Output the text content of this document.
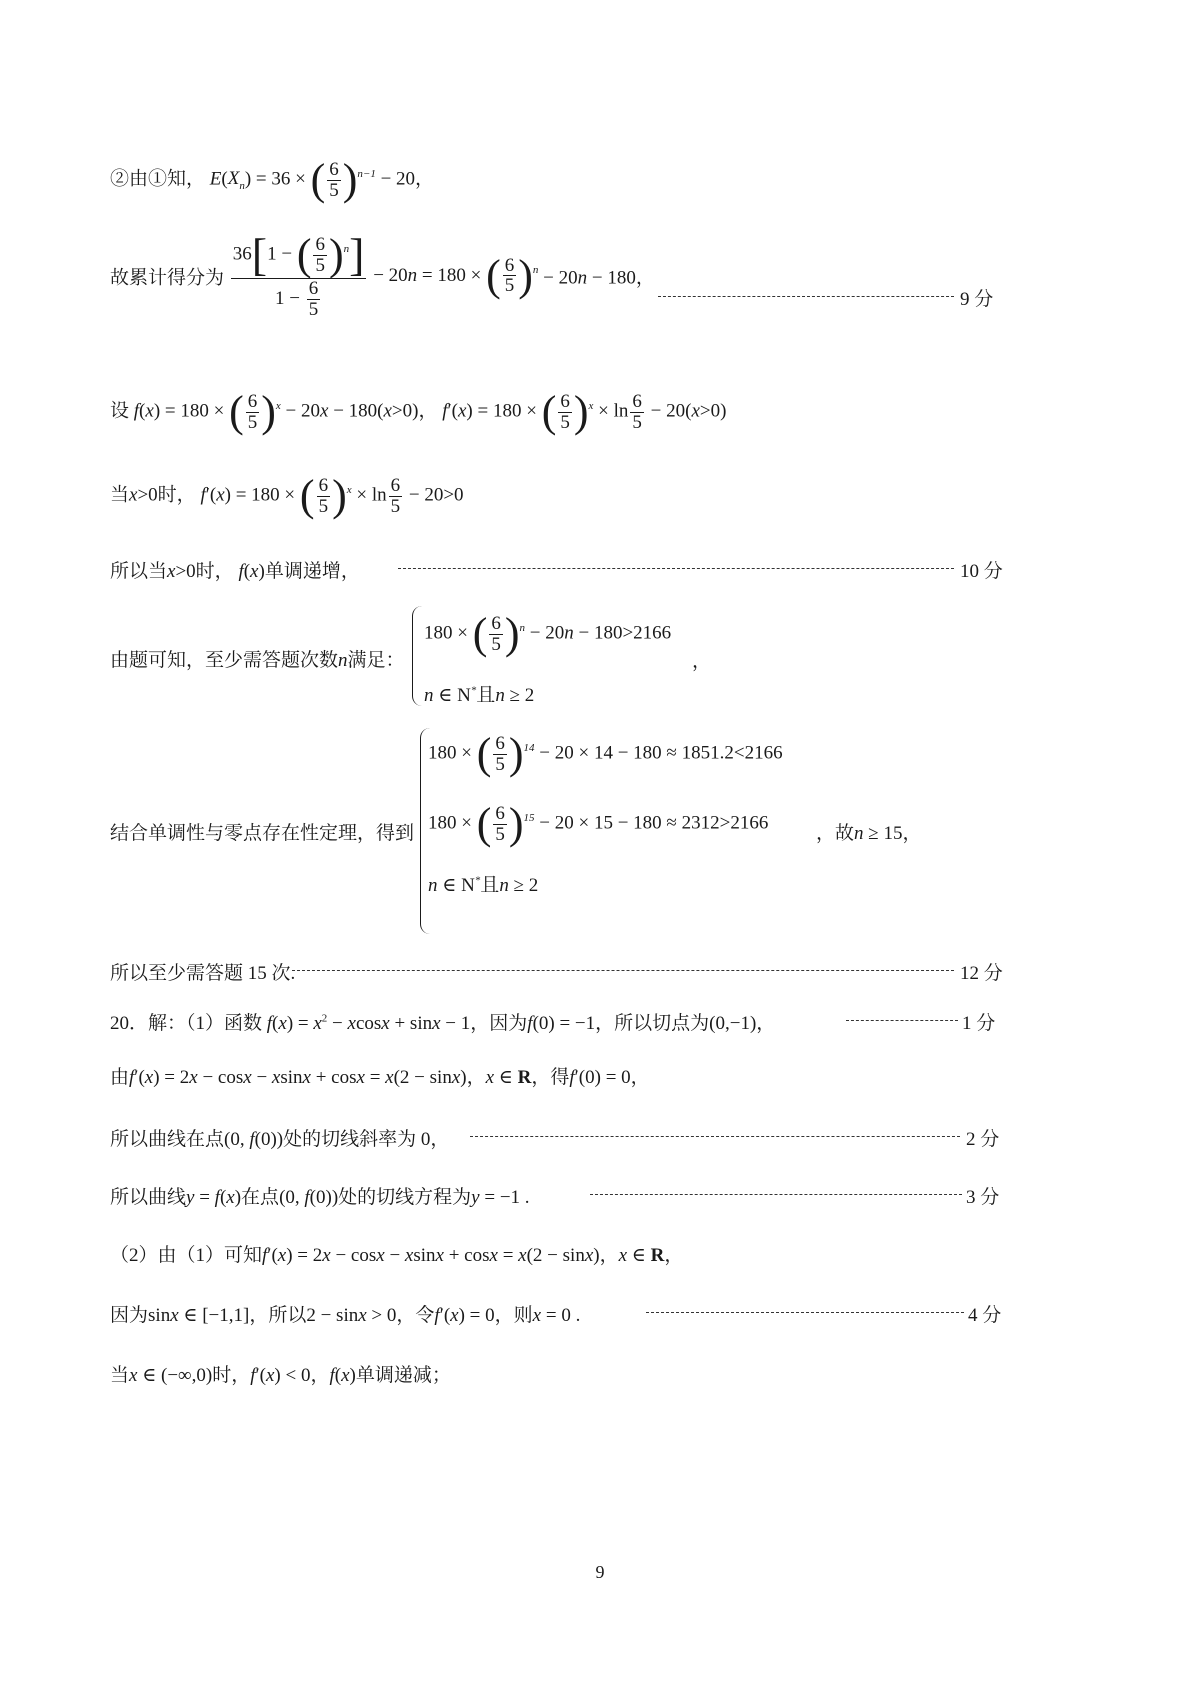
②由①知， $E(X_n) = 36$ × ( $\frac{6}{5} )^{n-1} - 20$，
故累计得分为 $\frac{36[1 - ( \frac{6}{5} )^n]}{1 - \frac{6}{5}} - 20n = 180$ × ( $\frac{6}{5} )^n - 20n - 180$，
9 分
设 f(x) = 180 × ( $\frac{6}{5} )^x - 20x - 180(x>0)$， f′(x) = 180 × ( $\frac{6}{5} )^x \times \ln \frac{6}{5} - 20(x>0)$
当x>0时， f′(x) = 180 × ( $\frac{6}{5} )^x \times \ln \frac{6}{5} - 20>0$
所以当x>0时， f(x)单调递增，	10 分
由题可知，至少需答题次数n满足：
180 × ( $\frac{6}{5} )^n - 20n - 180>2166$
，
n ∈ N*且n ≥ 2
结合单调性与零点存在性定理，得到
180 × ( $\frac{6}{5} )^{14} - 20 \times 14 - 180 \approx 1851.2<2166$
180 × ( $\frac{6}{5} )^{15} - 20 \times 15 - 180 \approx 2312>2166$
，故n ≥ 15，
n ∈ N*且n ≥ 2
所以至少需答题 15 次.	12 分
20．解：（1）函数 $f(x) = x^2 - xcosx + \sin x - 1$，因为f(0) = −1，所以切点为(0,−1)，	1 分
由f′(x) = 2x − cosx − xsinx + cosx = x(2 − sinx)，x ∈ R，得f′(0) = 0，
所以曲线在点(0, f(0))处的切线斜率为 0，	2 分
所以曲线y = f(x)在点(0, f(0))处的切线方程为y = −1 .	3 分
（2）由（1）可知f′(x) = 2x − cosx − xsinx + cosx = x(2 − sinx)，x ∈ R，
因为sinx ∈ [−1,1]，所以2 − sinx > 0，令f′(x) = 0，则x = 0 .	4 分
当x ∈ (−∞,0)时，f′(x) < 0，f(x)单调递减；
9
